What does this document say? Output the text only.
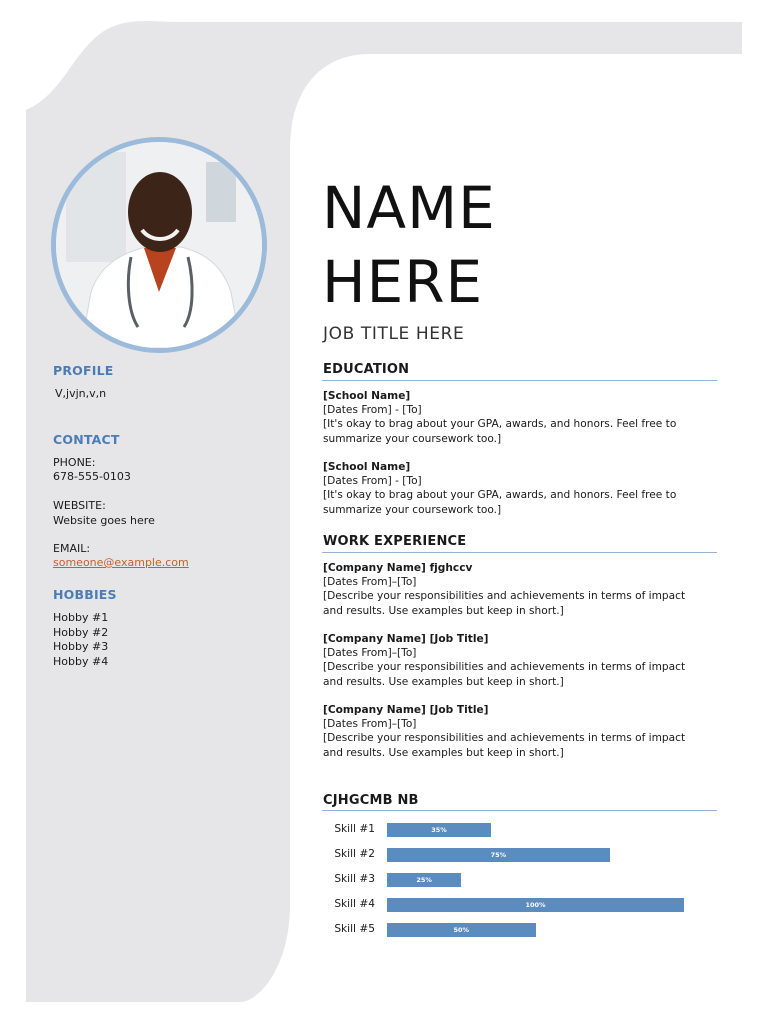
PROFILE
V,jvjn,v,n
CONTACT
PHONE:
678-555-0103
WEBSITE:
Website goes here
EMAIL:
someone@example.com
HOBBIES
Hobby #1
Hobby #2
Hobby #3
Hobby #4
NAME
HERE
JOB TITLE HERE
EDUCATION
[School Name]
[Dates From] - [To]
[It's okay to brag about your GPA, awards, and honors. Feel free to
summarize your coursework too.]
[School Name]
[Dates From] - [To]
[It's okay to brag about your GPA, awards, and honors. Feel free to
summarize your coursework too.]
WORK EXPERIENCE
[Company Name] fjghccv
[Dates From]–[To]
[Describe your responsibilities and achievements in terms of impact
and results. Use examples but keep in short.]
[Company Name] [Job Title]
[Dates From]–[To]
[Describe your responsibilities and achievements in terms of impact
and results. Use examples but keep in short.]
[Company Name] [Job Title]
[Dates From]–[To]
[Describe your responsibilities and achievements in terms of impact
and results. Use examples but keep in short.]
CJHGCMB NB
Skill #1
Skill #2
Skill #3
Skill #4
Skill #5
35%
75%
25%
100%
50%
